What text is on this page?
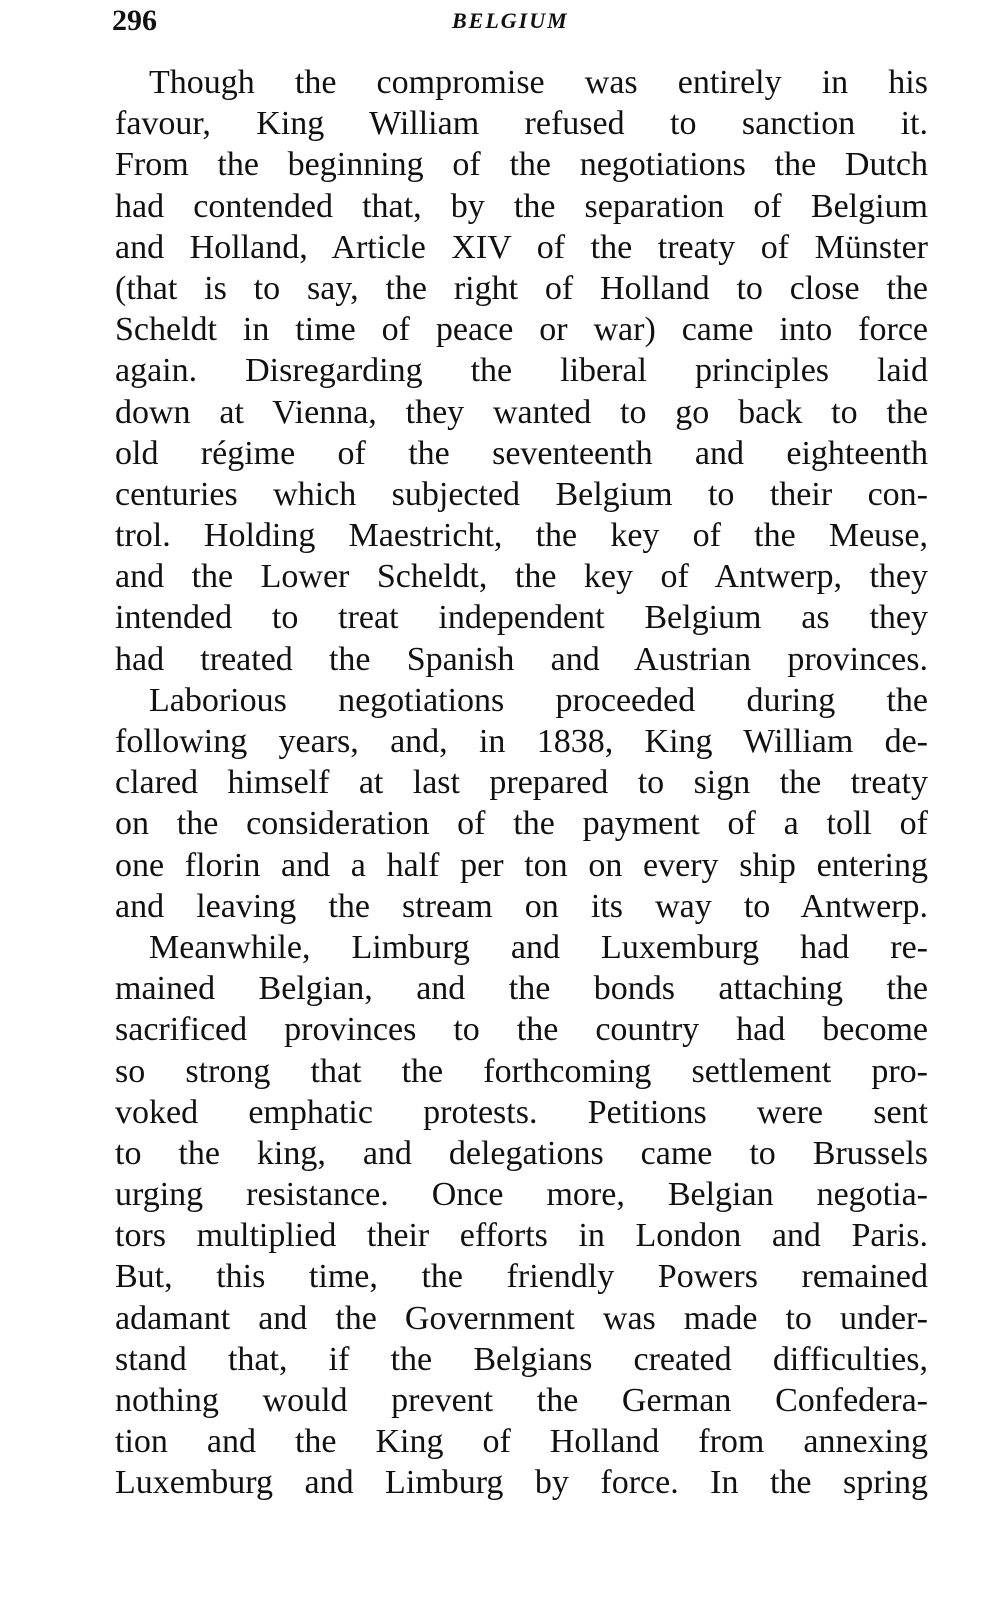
296	BELGIUM
Though the compromise was entirely in his
favour, King William refused to sanction it.
From the beginning of the negotiations the Dutch
had contended that, by the separation of Belgium
and Holland, Article XIV of the treaty of Münster
(that is to say, the right of Holland to close the
Scheldt in time of peace or war) came into force
again. Disregarding the liberal principles laid
down at Vienna, they wanted to go back to the
old régime of the seventeenth and eighteenth
centuries which subjected Belgium to their con-
trol. Holding Maestricht, the key of the Meuse,
and the Lower Scheldt, the key of Antwerp, they
intended to treat independent Belgium as they
had treated the Spanish and Austrian provinces.
Laborious negotiations proceeded during the
following years, and, in 1838, King William de-
clared himself at last prepared to sign the treaty
on the consideration of the payment of a toll of
one florin and a half per ton on every ship entering
and leaving the stream on its way to Antwerp.
Meanwhile, Limburg and Luxemburg had re-
mained Belgian, and the bonds attaching the
sacrificed provinces to the country had become
so strong that the forthcoming settlement pro-
voked emphatic protests. Petitions were sent
to the king, and delegations came to Brussels
urging resistance. Once more, Belgian negotia-
tors multiplied their efforts in London and Paris.
But, this time, the friendly Powers remained
adamant and the Government was made to under-
stand that, if the Belgians created difficulties,
nothing would prevent the German Confedera-
tion and the King of Holland from annexing
Luxemburg and Limburg by force. In the spring
